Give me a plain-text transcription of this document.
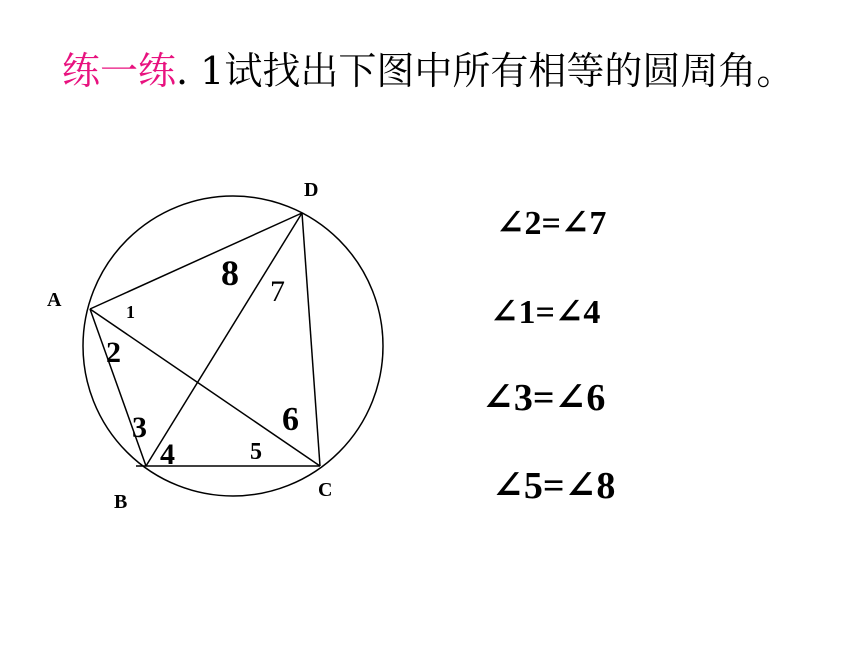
练一练. 1试找出下图中所有相等的圆周角。
D
A
B
C
8 7
1
2
3
4	5
6

∠2=∠7

∠1=∠4

∠3=∠6

∠5=∠8
